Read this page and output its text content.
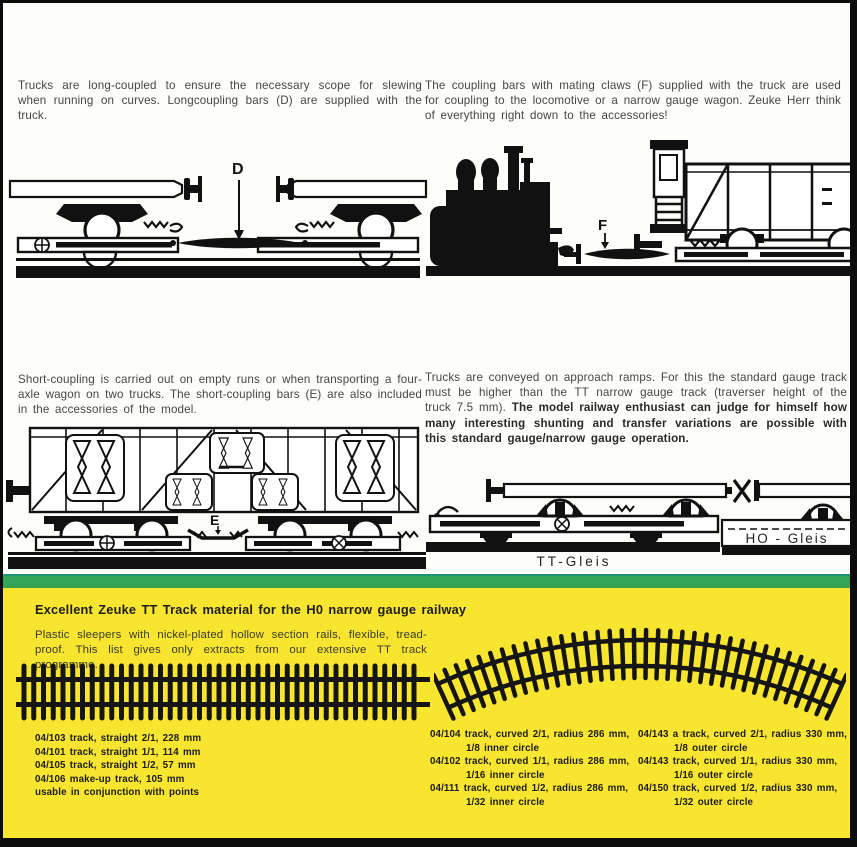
Trucks are long-coupled to ensure the necessary scope for slewing when running on curves. Longcoupling bars (D) are supplied with the truck.

The coupling bars with mating claws (F) supplied with the truck are used for coupling to the locomotive or a narrow gauge wagon. Zeuke Herr think of everything right down to the accessories!

Short-coupling is carried out on empty runs or when transporting a four-axle wagon on two trucks. The short-coupling bars (E) are also included in the accessories of the model.

Trucks are conveyed on approach ramps. For this the standard gauge track must be higher than the TT narrow gauge track (traverser height of the truck 7.5 mm). The model railway enthusiast can judge for himself how many interesting shunting and transfer variations are possible with this standard gauge/narrow gauge operation.

D
F
E
HO - Gleis
TT-Gleis
Excellent Zeuke TT Track material for the H0 narrow gauge railway

Plastic sleepers with nickel-plated hollow section rails, flexible, tread-proof. This list gives only extracts from our extensive TT track programme.

04/103 track, straight 2/1, 228 mm
04/101 track, straight 1/1, 114 mm
04/105 track, straight 1/2, 57 mm
04/106 make-up track, 105 mm
usable in conjunction with points
04/104 track, curved 2/1, radius 286 mm,
1/8 inner circle
04/102 track, curved 1/1, radius 286 mm,
1/16 inner circle
04/111 track, curved 1/2, radius 286 mm,
1/32 inner circle
04/143 a track, curved 2/1, radius 330 mm,
1/8 outer circle
04/143 track, curved 1/1, radius 330 mm,
1/16 outer circle
04/150 track, curved 1/2, radius 330 mm,
1/32 outer circle
